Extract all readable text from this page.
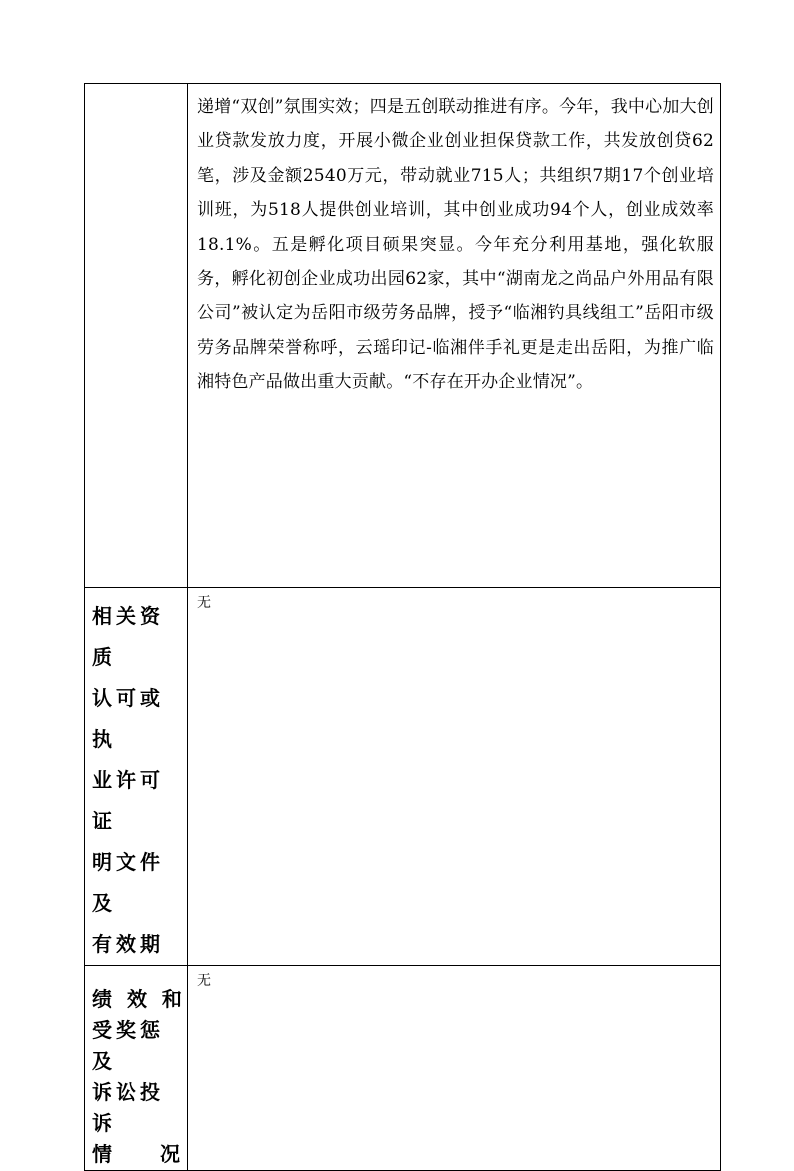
	递增“双创”氛围实效；四是五创联动推进有序。今年，我中心加大创业贷款发放力度，开展小微企业创业担保贷款工作，共发放创贷62笔，涉及金额2540万元，带动就业715人；共组织7期17个创业培训班，为518人提供创业培训，其中创业成功94个人，创业成效率18.1%。五是孵化项目硕果突显。今年充分利用基地，强化软服务，孵化初创企业成功出园62家，其中“湖南龙之尚品户外用品有限公司”被认定为岳阳市级劳务品牌，授予“临湘钓具线组工”岳阳市级劳务品牌荣誉称呼，云瑶印记-临湘伴手礼更是走出岳阳，为推广临湘特色产品做出重大贡献。“不存在开办企业情况”。

相关资质
认可或执
业许可证
明文件及
有效期	无

绩 效 和
受奖惩及
诉讼投诉
情 况	无
